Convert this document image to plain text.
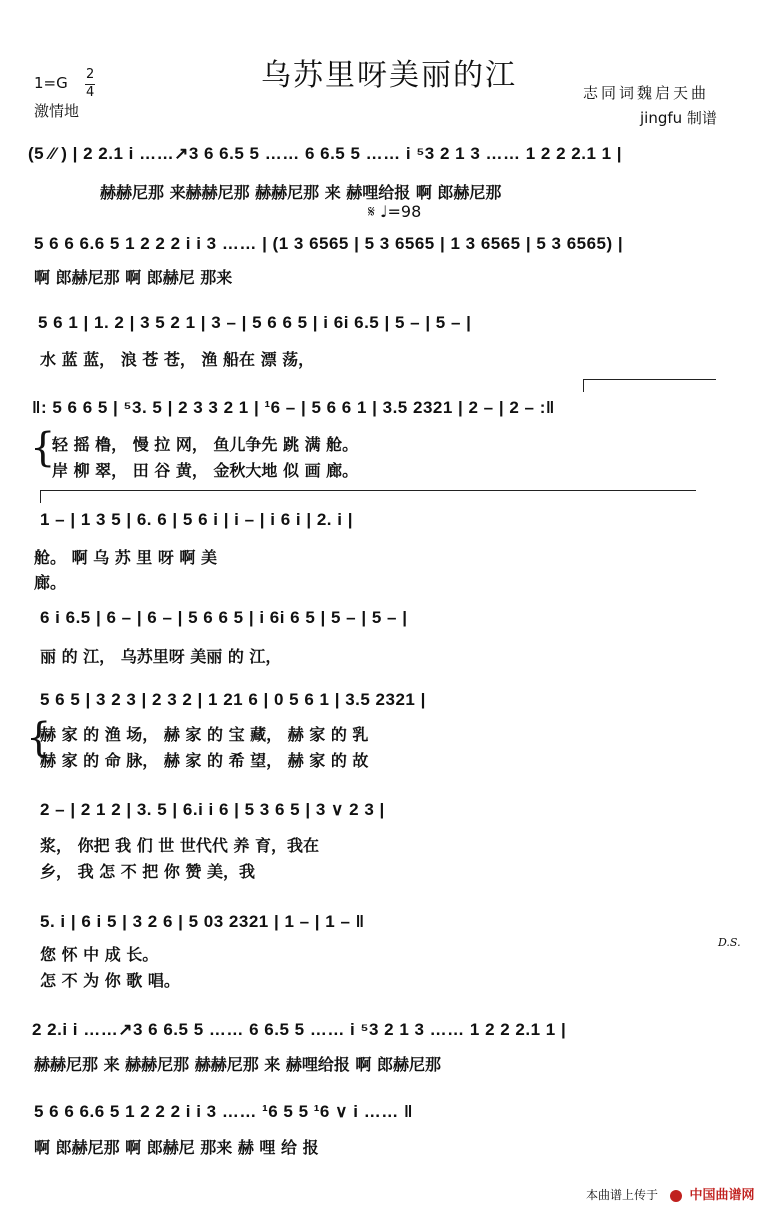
乌苏里呀美丽的江
1=G 2
4
激情地
志同词魏启天曲
jingfu 制谱
𝄋 ♩=98
D.S.
(5 ⁄⁄ ) | 2 2.1 i ……↗3 6 6.5 5 …… 6 6.5 5 …… i ⁵3 2 1 3 …… 1 2 2 2.1 1 |
赫赫尼那 来赫赫尼那 赫赫尼那 来 赫哩给报 啊 郎赫尼那
5 6 6 6.6 5 1 2 2 2 i i 3 …… | (1 3 6565 | 5 3 6565 | 1 3 6565 | 5 3 6565) |
啊 郎赫尼那 啊 郎赫尼 那来
5 6 1 | 1. 2 | 3 5 2 1 | 3 – | 5 6 6 5 | i 6i 6.5 | 5 – | 5 – |
水 蓝 蓝， 浪 苍 苍， 渔 船在 漂 荡，
‖: 5 6 6 5 | ⁵3. 5 | 2 3 3 2 1 | ¹6 – | 5 6 6 1 | 3.5 2321 | 2 – | 2 – :‖
{
轻 摇 橹， 慢 拉 网， 鱼儿争先 跳 满 舱。
岸 柳 翠， 田 谷 黄， 金秋大地 似 画 廊。
1 – | 1 3 5 | 6. 6 | 5 6 i | i – | i 6 i | 2. i |
舱。 啊 乌 苏 里 呀 啊 美
廊。
6 i 6.5 | 6 – | 6 – | 5 6 6 5 | i 6i 6 5 | 5 – | 5 – |
丽 的 江， 乌苏里呀 美丽 的 江，
5 6 5 | 3 2 3 | 2 3 2 | 1 21 6 | 0 5 6 1 | 3.5 2321 |
{
赫 家 的 渔 场， 赫 家 的 宝 藏， 赫 家 的 乳
赫 家 的 命 脉， 赫 家 的 希 望， 赫 家 的 故
2 – | 2 1 2 | 3. 5 | 6.i i 6 | 5 3 6 5 | 3 ∨ 2 3 |
浆， 你把 我 们 世 世代代 养 育，我在
乡， 我 怎 不 把 你 赞 美，我
5. i | 6 i 5 | 3 2 6 | 5 03 2321 | 1 – | 1 – ‖
您 怀 中 成 长。
怎 不 为 你 歌 唱。
2 2.i i ……↗3 6 6.5 5 …… 6 6.5 5 …… i ⁵3 2 1 3 …… 1 2 2 2.1 1 |
赫赫尼那 来 赫赫尼那 赫赫尼那 来 赫哩给报 啊 郎赫尼那
5 6 6 6.6 5 1 2 2 2 i i 3 …… ¹6 5 5 ¹6 ∨ i …… ‖
啊 郎赫尼那 啊 郎赫尼 那来 赫 哩 给 报
本曲谱上传于	中国曲谱网
